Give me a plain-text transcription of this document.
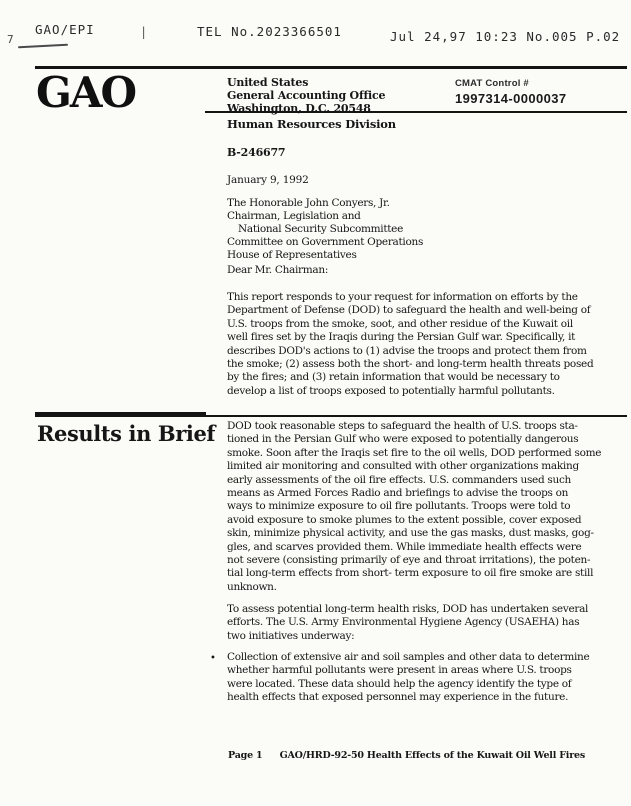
GAO/EPI	TEL No.2023366501	Jul 24,97 10:23 No.005 P.02
7
|
GAO	United States
General Accounting Office
Washington, D.C. 20548
CMAT Control #
1997314-0000037
Human Resources Division
B-246677
January 9, 1992
The Honorable John Conyers, Jr.
Chairman, Legislation and
National Security Subcommittee
Committee on Government Operations
House of Representatives
Dear Mr. Chairman:
This report responds to your request for information on efforts by the
Department of Defense (DOD) to safeguard the health and well-being of
U.S. troops from the smoke, soot, and other residue of the Kuwait oil
well fires set by the Iraqis during the Persian Gulf war. Specifically, it
describes DOD's actions to (1) advise the troops and protect them from
the smoke; (2) assess both the short- and long-term health threats posed
by the fires; and (3) retain information that would be necessary to
develop a list of troops exposed to potentially harmful pollutants.
Results in Brief DOD took reasonable steps to safeguard the health of U.S. troops sta-
tioned in the Persian Gulf who were exposed to potentially dangerous
smoke. Soon after the Iraqis set fire to the oil wells, DOD performed some
limited air monitoring and consulted with other organizations making
early assessments of the oil fire effects. U.S. commanders used such
means as Armed Forces Radio and briefings to advise the troops on
ways to minimize exposure to oil fire pollutants. Troops were told to
avoid exposure to smoke plumes to the extent possible, cover exposed
skin, minimize physical activity, and use the gas masks, dust masks, gog-
gles, and scarves provided them. While immediate health effects were
not severe (consisting primarily of eye and throat irritations), the poten-
tial long-term effects from short- term exposure to oil fire smoke are still
unknown.
To assess potential long-term health risks, DOD has undertaken several
efforts. The U.S. Army Environmental Hygiene Agency (USAEHA) has
two initiatives underway:
• Collection of extensive air and soil samples and other data to determine
whether harmful pollutants were present in areas where U.S. troops
were located. These data should help the agency identify the type of
health effects that exposed personnel may experience in the future.
Page 1 GAO/HRD-92-50 Health Effects of the Kuwait Oil Well Fires
